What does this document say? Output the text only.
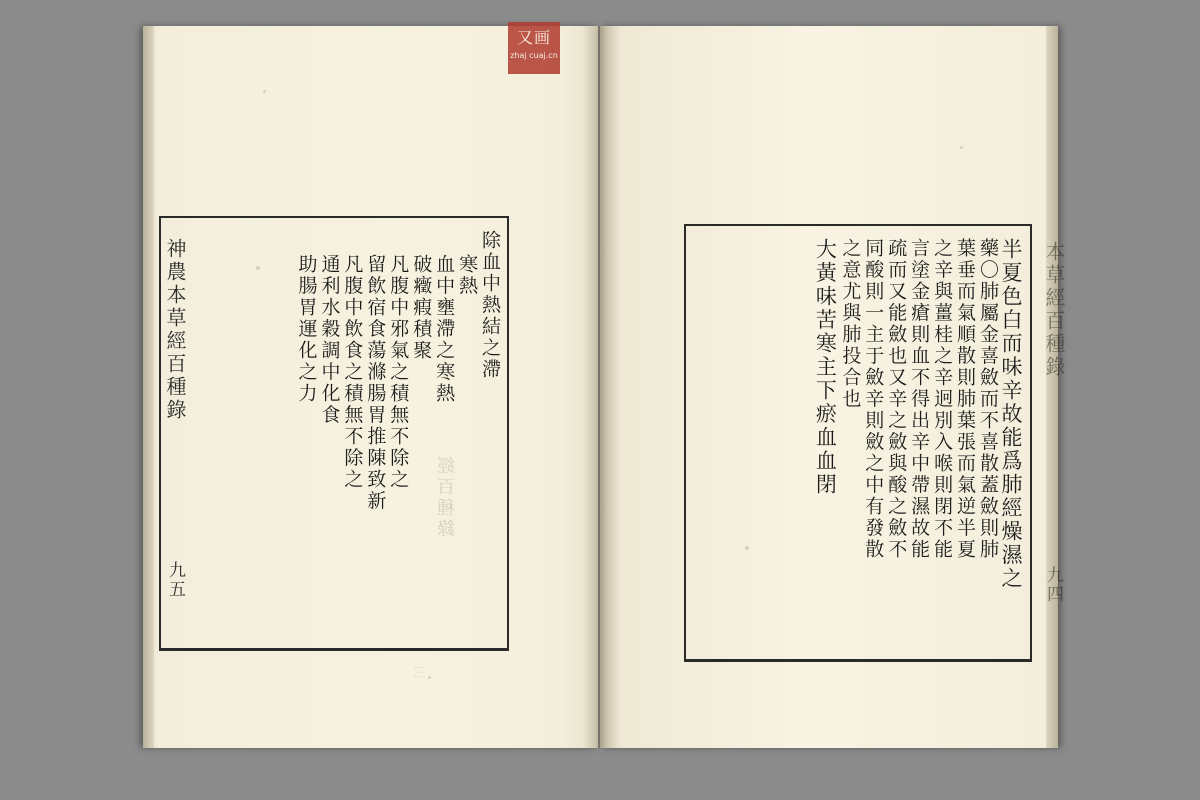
經百種錄
三
神農本草經百種錄
九五
除血中熱結之滯
寒熱
血中壅滯之寒熱
破癥瘕積聚
凡腹中邪氣之積無不除之
留飲宿食蕩滌腸胃推陳致新
凡腹中飲食之積無不除之
通利水穀調中化食
助腸胃運化之力	本草經百種錄
九四
半夏色白而味辛故能爲肺經燥濕之
藥〇肺屬金喜斂而不喜散蓋斂則肺
葉垂而氣順散則肺葉張而氣逆半夏
之辛與薑桂之辛迥別入喉則閉不能
言塗金瘡則血不得出辛中帶濕故能
疏而又能斂也又辛之斂與酸之斂不
同酸則一主于斂辛則斂之中有發散
之意尤與肺投合也
大黃味苦寒主下瘀血血閉
又画
zhaj cuaj.cn
